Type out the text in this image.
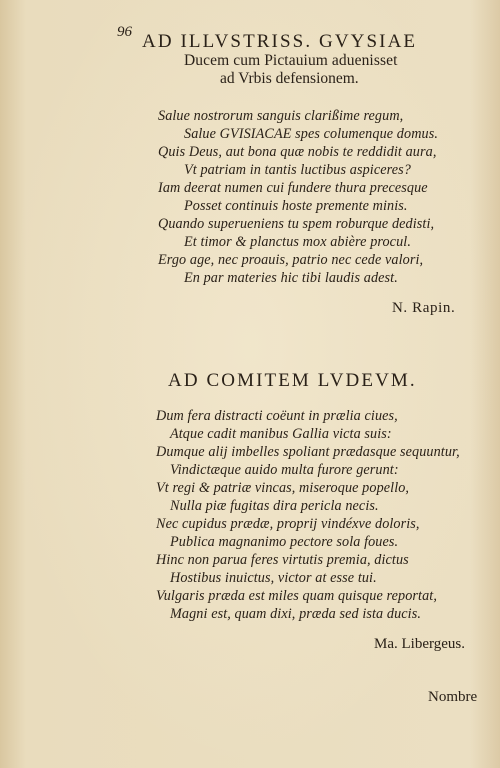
96 AD ILLVSTRISS. GVYSIAE
Ducem cum Pictauium aduenisset
ad Vrbis defensionem.
Salue nostrorum sanguis clarißime regum,
Salue GVISIACAE spes columenque domus.
Quis Deus, aut bona quæ nobis te reddidit aura,
Vt patriam in tantis luctibus aspiceres?
Iam deerat numen cui fundere thura precesque
Posset continuis hoste premente minis.
Quando superueniens tu spem roburque dedisti,
Et timor & planctus mox abière procul.
Ergo age, nec proauis, patrio nec cede valori,
En par materies hic tibi laudis adest.
N. Rapin.
AD COMITEM LVDEVM.
Dum fera distracti coëunt in prælia ciues,
Atque cadit manibus Gallia victa suis:
Dumque alij imbelles spoliant prædasque sequuntur,
Vindictæque auido multa furore gerunt:
Vt regi & patriæ vincas, miseroque popello,
Nulla piæ fugitas dira pericla necis.
Nec cupidus prædæ, proprij vindéxve doloris,
Publica magnanimo pectore sola foues.
Hinc non parua feres virtutis premia, dictus
Hostibus inuictus, victor at esse tui.
Vulgaris præda est miles quam quisque reportat,
Magni est, quam dixi, præda sed ista ducis.
Ma. Libergeus.
Nombre
